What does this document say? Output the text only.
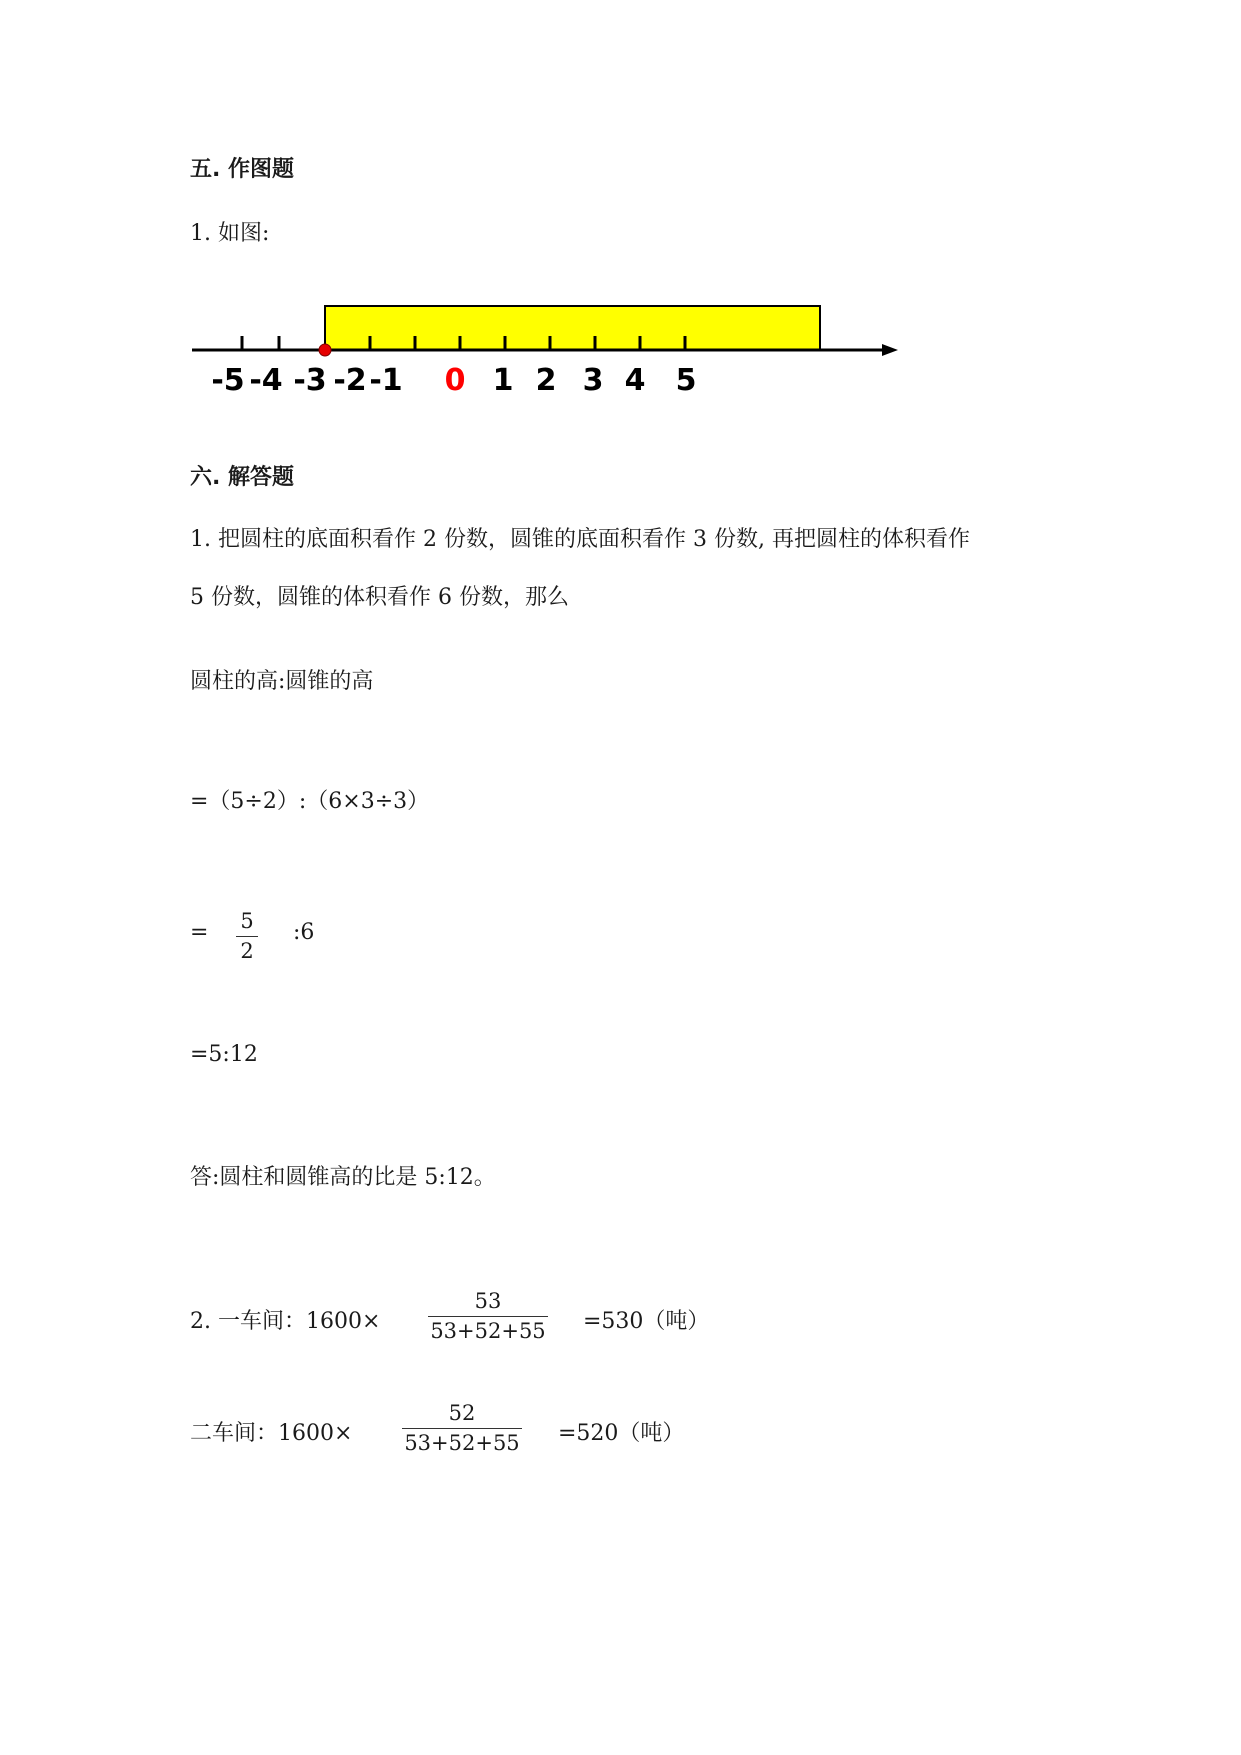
五. 作图题
1. 如图:
-5 -4 -3 -2 -1 0 1 2 3 4 5
六. 解答题
1. 把圆柱的底面积看作 2 份数，圆锥的底面积看作 3 份数, 再把圆柱的体积看作
5 份数，圆锥的体积看作 6 份数，那么
圆柱的高:圆锥的高
=（5÷2）:（6×3÷3）
= 5
2
:6
=5:12
答:圆柱和圆锥高的比是 5:12。
2. 一车间：1600×
53
53+52+55 =530（吨）
二车间：1600×
52
53+52+55 =520（吨）
